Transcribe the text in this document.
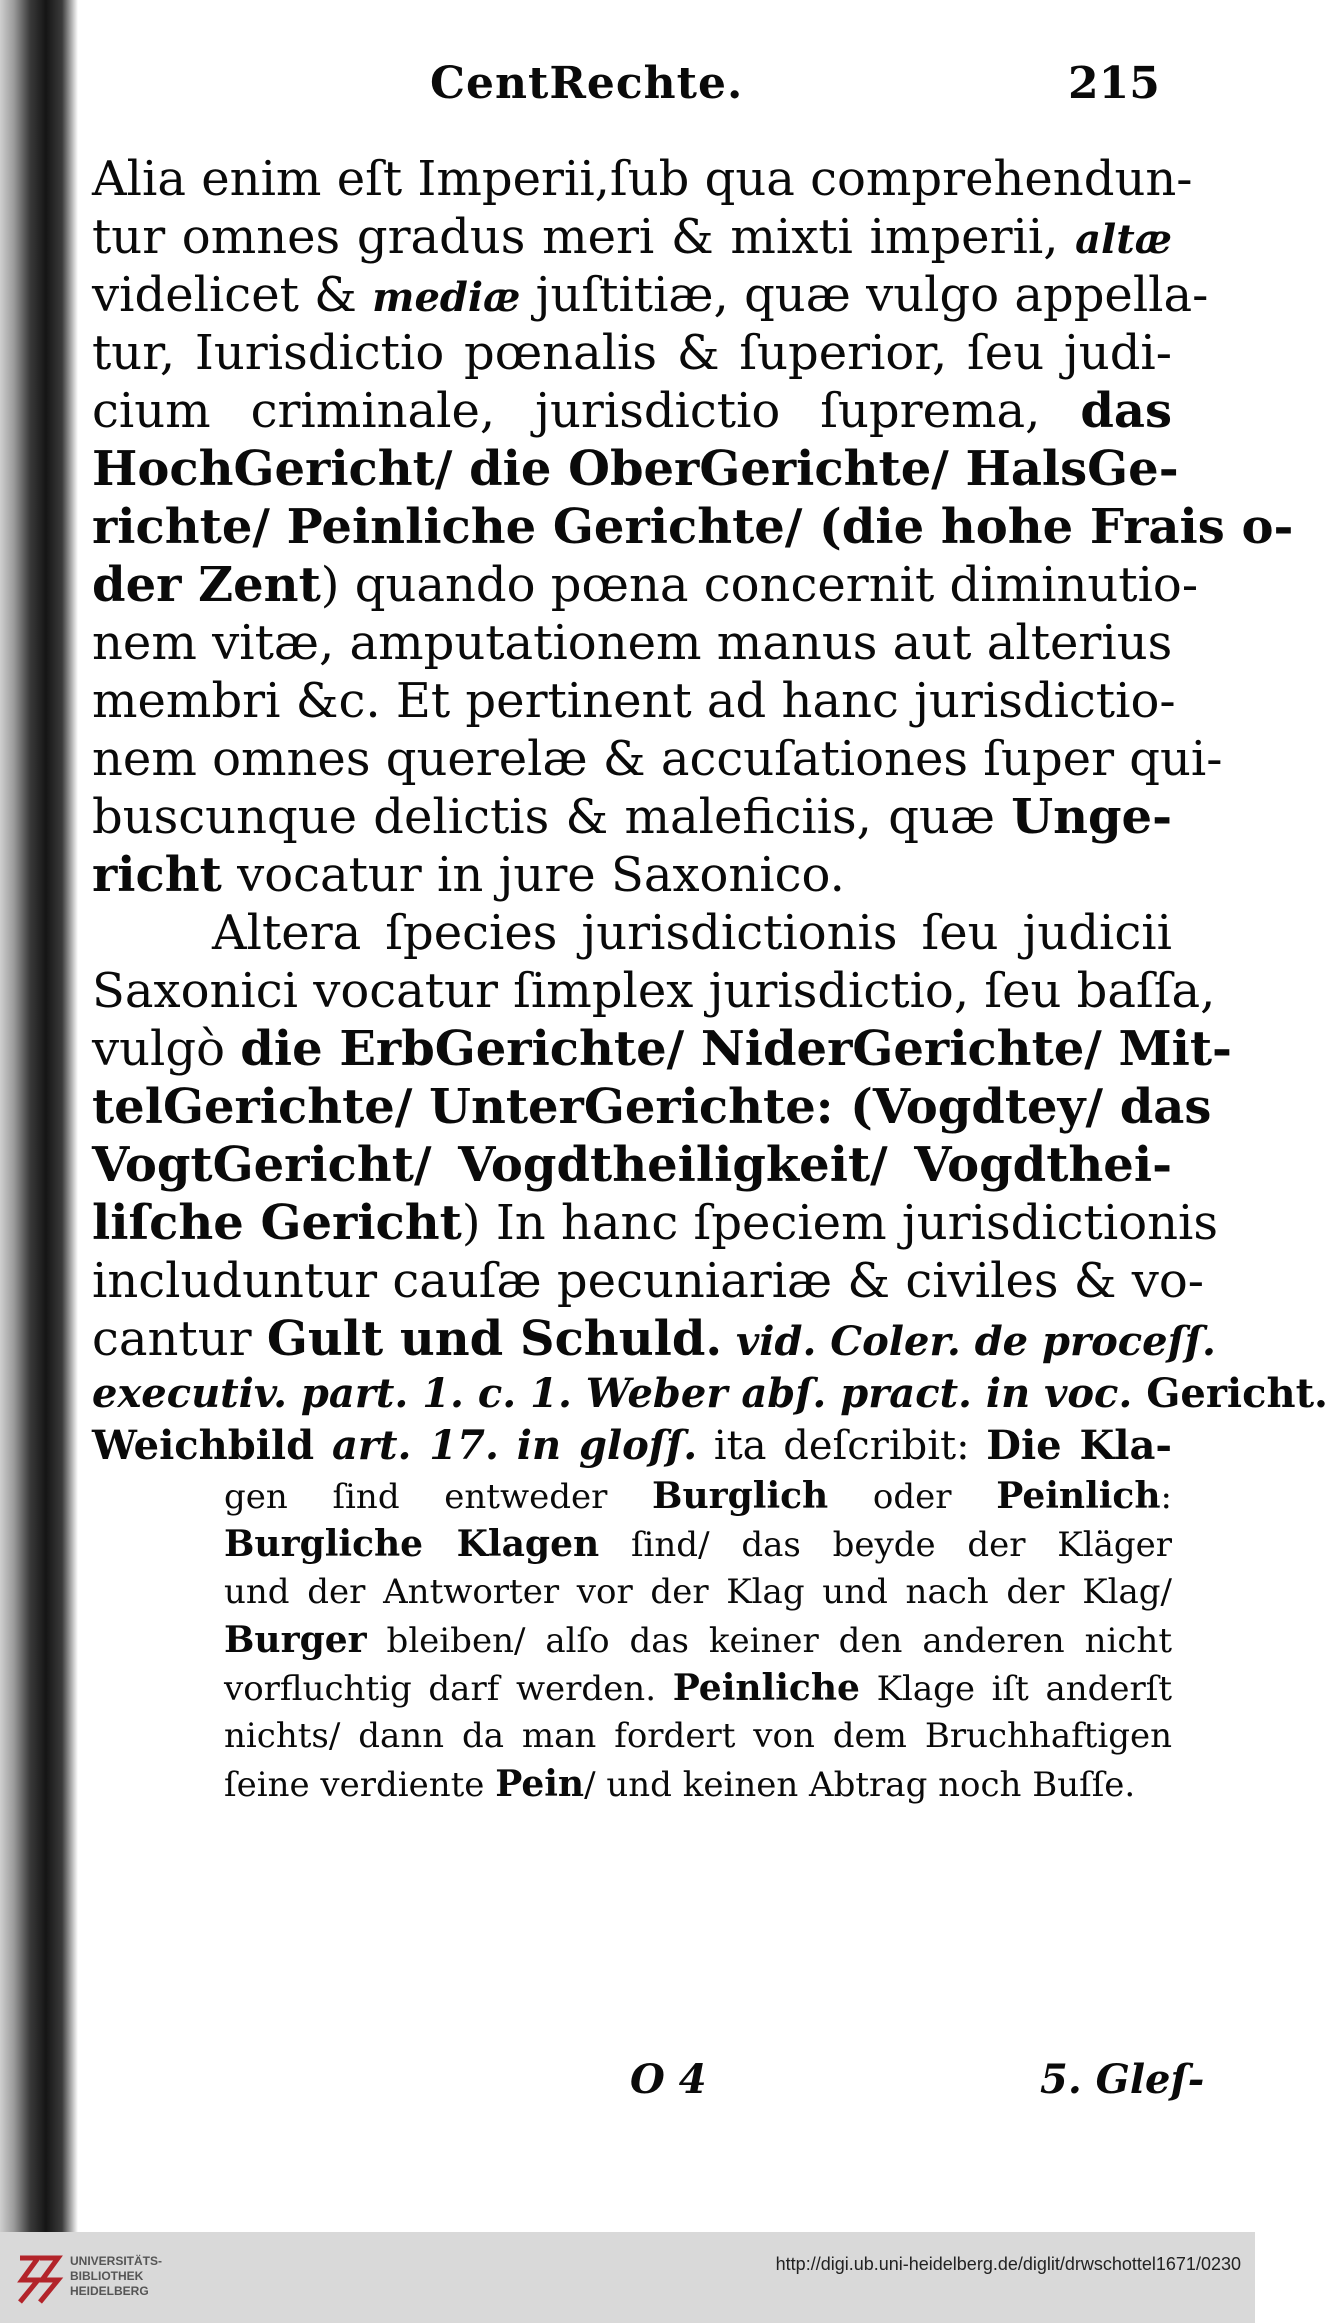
CentRechte.	215
Alia enim eſt Imperii,ſub qua comprehendun-
tur omnes gradus meri & mixti imperii, altæ
videlicet & mediæ juſtitiæ, quæ vulgo appella-
tur, Iurisdictio pœnalis & ſuperior, ſeu judi-
cium criminale, jurisdictio ſuprema, das
HochGericht/ die OberGerichte/ HalsGe-
richte/ Peinliche Gerichte/ (die hohe Frais o-
der Zent) quando pœna concernit diminutio-
nem vitæ, amputationem manus aut alterius
membri &c. Et pertinent ad hanc jurisdictio-
nem omnes querelæ & accuſationes ſuper qui-
buscunque delictis & maleficiis, quæ Unge-
richt vocatur in jure Saxonico.
Altera ſpecies jurisdictionis ſeu judicii
Saxonici vocatur ſimplex jurisdictio, ſeu baſſa,
vulgò die ErbGerichte/ NiderGerichte/ Mit-
telGerichte/ UnterGerichte: (Vogdtey/ das
VogtGericht/ Vogdtheiligkeit/ Vogdthei-
liſche Gericht) In hanc ſpeciem jurisdictionis
includuntur cauſæ pecuniariæ & civiles & vo-
cantur Gult und Schuld. vid. Coler. de proceſſ.
executiv. part. 1. c. 1. Weber abſ. pract. in voc. Gericht.
Weichbild art. 17. in gloſſ. ita deſcribit: Die Kla-
gen ſind entweder Burglich oder Peinlich:
Burgliche Klagen ſind/ das beyde der Kläger
und der Antworter vor der Klag und nach der Klag/
Burger bleiben/ alſo das keiner den anderen nicht
vorfluchtig darf werden. Peinliche Klage iſt anderſt
nichts/ dann da man fordert von dem Bruchhaftigen
ſeine verdiente Pein/ und keinen Abtrag noch Buſſe.
O 4	5. Gleſ-
UNIVERSITÄTS-
BIBLIOTHEK
HEIDELBERG
http://digi.ub.uni-heidelberg.de/diglit/drwschottel1671/0230
